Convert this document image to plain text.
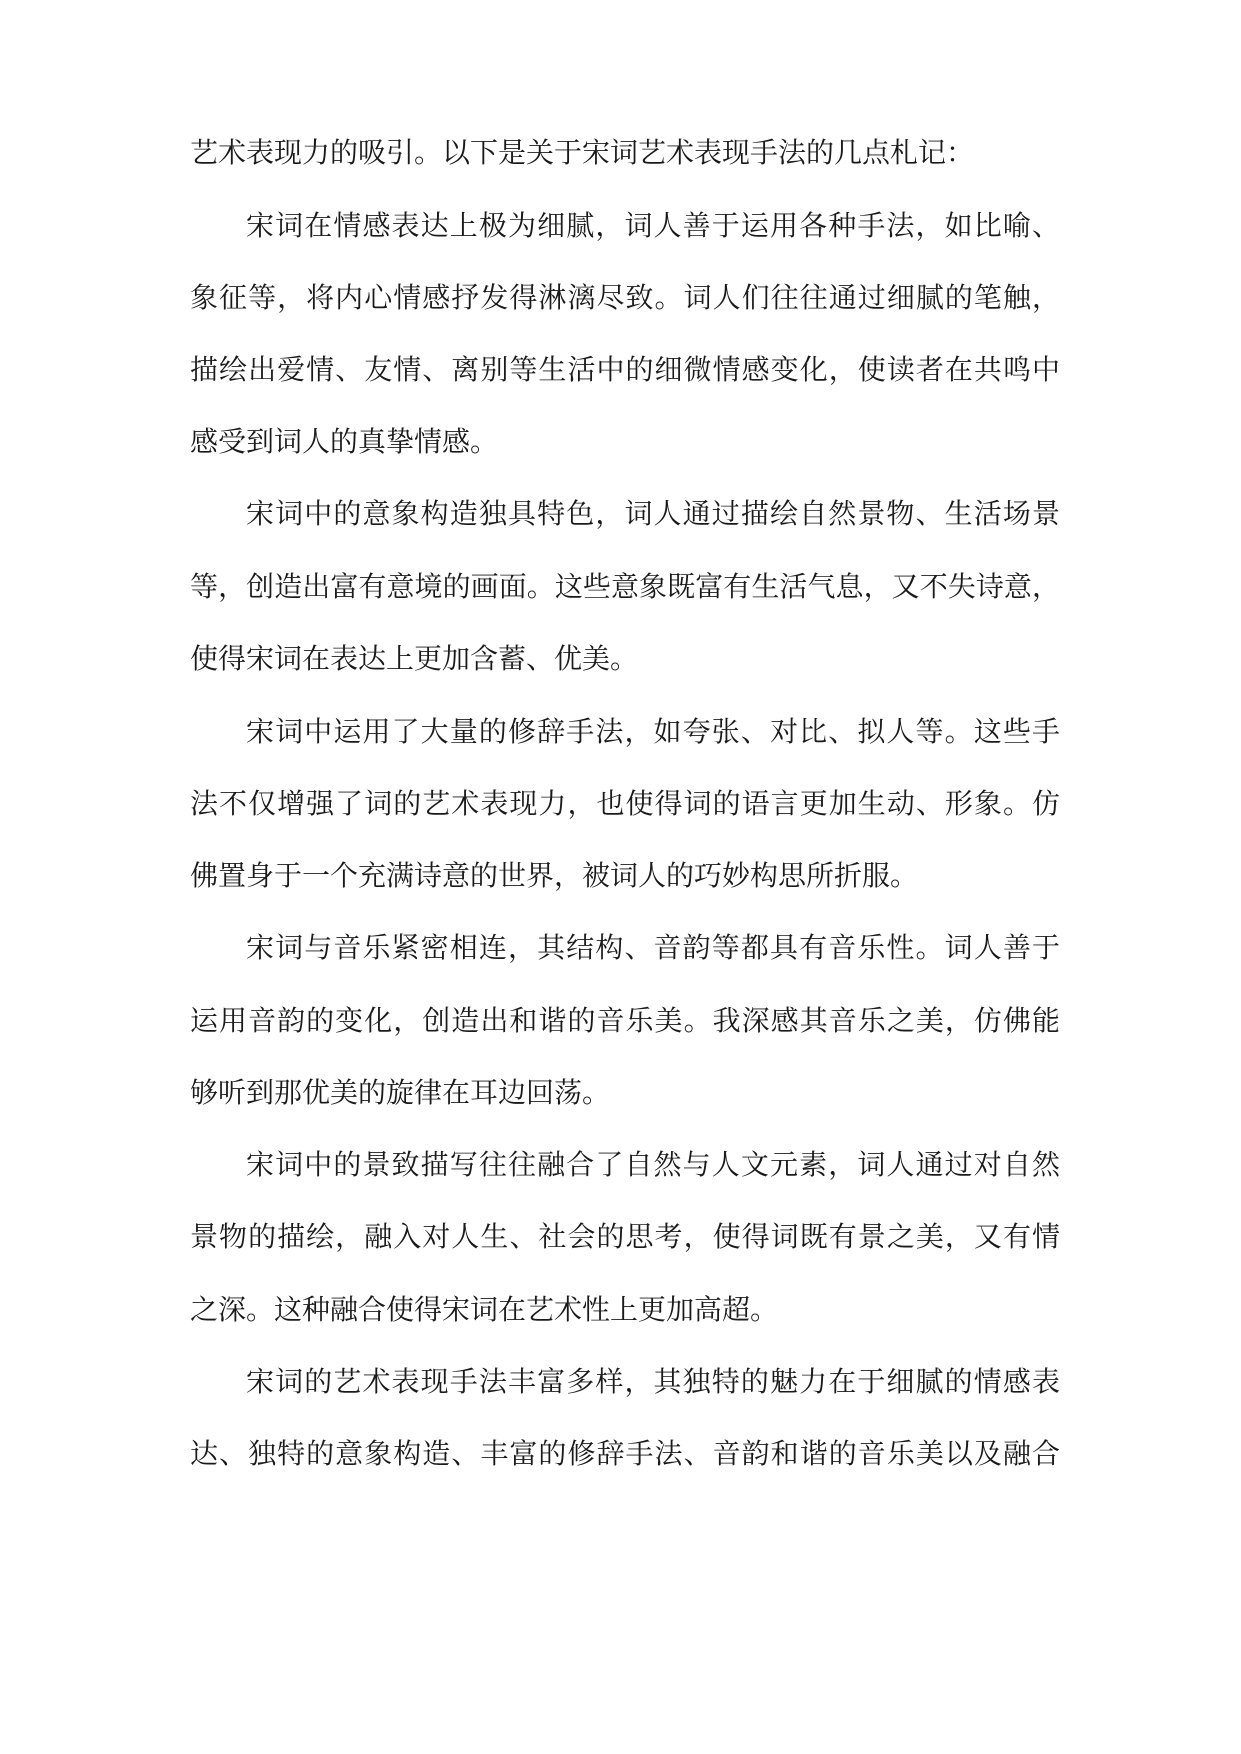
艺术表现力的吸引。以下是关于宋词艺术表现手法的几点札记：
宋词在情感表达上极为细腻，词人善于运用各种手法，如比喻、
象征等，将内心情感抒发得淋漓尽致。词人们往往通过细腻的笔触，
描绘出爱情、友情、离别等生活中的细微情感变化，使读者在共鸣中
感受到词人的真挚情感。
宋词中的意象构造独具特色，词人通过描绘自然景物、生活场景
等，创造出富有意境的画面。这些意象既富有生活气息，又不失诗意，
使得宋词在表达上更加含蓄、优美。
宋词中运用了大量的修辞手法，如夸张、对比、拟人等。这些手
法不仅增强了词的艺术表现力，也使得词的语言更加生动、形象。仿
佛置身于一个充满诗意的世界，被词人的巧妙构思所折服。
宋词与音乐紧密相连，其结构、音韵等都具有音乐性。词人善于
运用音韵的变化，创造出和谐的音乐美。我深感其音乐之美，仿佛能
够听到那优美的旋律在耳边回荡。
宋词中的景致描写往往融合了自然与人文元素，词人通过对自然
景物的描绘，融入对人生、社会的思考，使得词既有景之美，又有情
之深。这种融合使得宋词在艺术性上更加高超。
宋词的艺术表现手法丰富多样，其独特的魅力在于细腻的情感表
达、独特的意象构造、丰富的修辞手法、音韵和谐的音乐美以及融合
